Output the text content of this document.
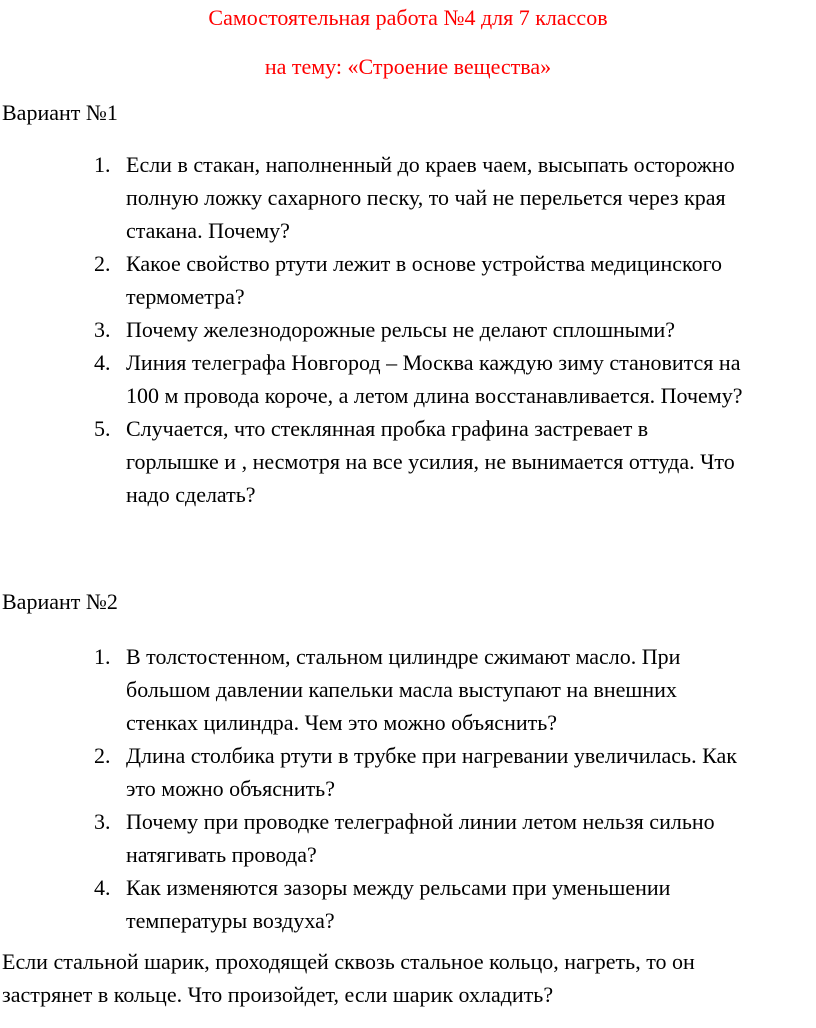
Самостоятельная работа №4 для 7 классов
на тему: «Строение вещества»
Вариант №1
1. Если в стакан, наполненный до краев чаем, высыпать осторожно
полную ложку сахарного песку, то чай не перельется через края
стакана. Почему?
2. Какое свойство ртути лежит в основе устройства медицинского
термометра?
3. Почему железнодорожные рельсы не делают сплошными?
4. Линия телеграфа Новгород – Москва каждую зиму становится на
100 м провода короче, а летом длина восстанавливается. Почему?
5. Случается, что стеклянная пробка графина застревает в
горлышке и , несмотря на все усилия, не вынимается оттуда. Что
надо сделать?
Вариант №2
1. В толстостенном, стальном цилиндре сжимают масло. При
большом давлении капельки масла выступают на внешних
стенках цилиндра. Чем это можно объяснить?
2. Длина столбика ртути в трубке при нагревании увеличилась. Как
это можно объяснить?
3. Почему при проводке телеграфной линии летом нельзя сильно
натягивать провода?
4. Как изменяются зазоры между рельсами при уменьшении
температуры воздуха?
Если стальной шарик, проходящей сквозь стальное кольцо, нагреть, то он
застрянет в кольце. Что произойдет, если шарик охладить?
